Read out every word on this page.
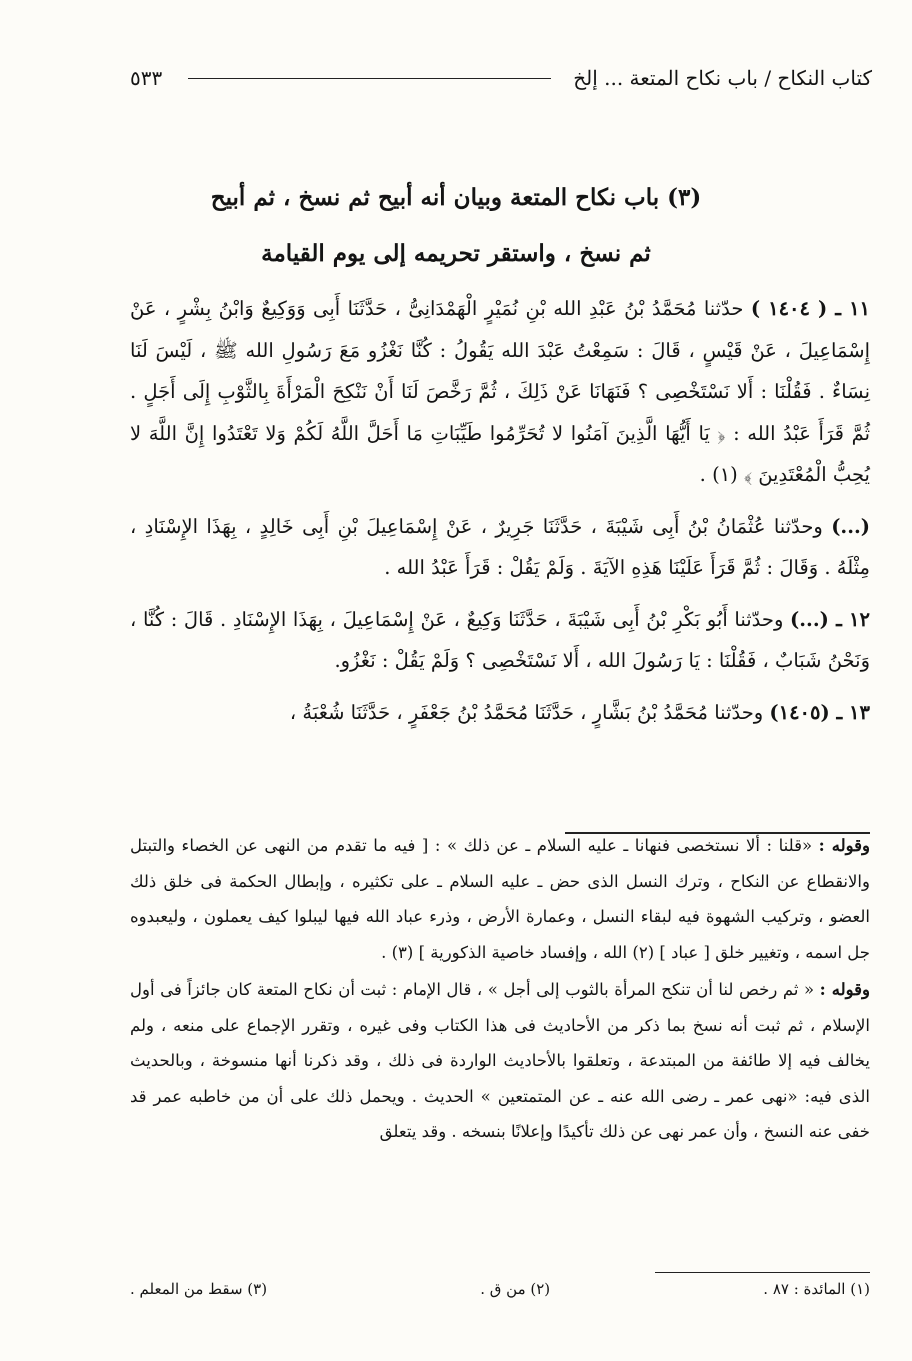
كتاب النكاح / باب نكاح المتعة ... إلخ
٥٣٣
(٣) باب نكاح المتعة وبيان أنه أبيح ثم نسخ ، ثم أبيح
ثم نسخ ، واستقر تحريمه إلى يوم القيامة

١١ ـ ( ١٤٠٤ ) حدّثنا مُحَمَّدُ بْنُ عَبْدِ الله بْنِ نُمَيْرٍ الْهَمْدَانِىُّ ، حَدَّثَنَا أَبِى وَوَكِيعٌ وَابْنُ بِشْرٍ ، عَنْ إِسْمَاعِيلَ ، عَنْ قَيْسٍ ، قَالَ : سَمِعْتُ عَبْدَ الله يَقُولُ : كُنَّا نَغْزُو مَعَ رَسُولِ الله ﷺ ، لَيْسَ لَنَا نِسَاءٌ . فَقُلْنَا : أَلا نَسْتَخْصِى ؟ فَنَهَانَا عَنْ ذَلِكَ ، ثُمَّ رَخَّصَ لَنَا أَنْ نَنْكِحَ الْمَرْأَةَ بِالثَّوْبِ إِلَى أَجَلٍ . ثُمَّ قَرَأَ عَبْدُ الله : ﴿ يَا أَيُّهَا الَّذِينَ آمَنُوا لا تُحَرِّمُوا طَيِّبَاتِ مَا أَحَلَّ اللَّهُ لَكُمْ وَلا تَعْتَدُوا إِنَّ اللَّهَ لا يُحِبُّ الْمُعْتَدِينَ ﴾ (١) .

(...) وحدّثنا عُثْمَانُ بْنُ أَبِى شَيْبَةَ ، حَدَّثَنَا جَرِيرٌ ، عَنْ إِسْمَاعِيلَ بْنِ أَبِى خَالِدٍ ، بِهَذَا الإِسْنَادِ ، مِثْلَهُ . وَقَالَ : ثُمَّ قَرَأَ عَلَيْنَا هَذِهِ الآيَةَ . وَلَمْ يَقُلْ : قَرَأَ عَبْدُ الله .

١٢ ـ (...) وحدّثنا أَبُو بَكْرِ بْنُ أَبِى شَيْبَةَ ، حَدَّثَنَا وَكِيعٌ ، عَنْ إِسْمَاعِيلَ ، بِهَذَا الإِسْنَادِ . قَالَ : كُنَّا ، وَنَحْنُ شَبَابٌ ، فَقُلْنَا : يَا رَسُولَ الله ، أَلا نَسْتَخْصِى ؟ وَلَمْ يَقُلْ : نَغْزُو.

١٣ ـ (١٤٠٥) وحدّثنا مُحَمَّدُ بْنُ بَشَّارٍ ، حَدَّثَنَا مُحَمَّدُ بْنُ جَعْفَرٍ ، حَدَّثَنَا شُعْبَةُ ،

وقوله : «قلنا : ألا نستخصى فنهانا ـ عليه السلام ـ عن ذلك » : [ فيه ما تقدم من النهى عن الخصاء والتبتل والانقطاع عن النكاح ، وترك النسل الذى حض ـ عليه السلام ـ على تكثيره ، وإبطال الحكمة فى خلق ذلك العضو ، وتركيب الشهوة فيه لبقاء النسل ، وعمارة الأرض ، وذرء عباد الله فيها ليبلوا كيف يعملون ، وليعبدوه جل اسمه ، وتغيير خلق [ عباد ] (٢) الله ، وإفساد خاصية الذكورية ] (٣) .

وقوله : « ثم رخص لنا أن تنكح المرأة بالثوب إلى أجل » ، قال الإمام : ثبت أن نكاح المتعة كان جائزاً فى أول الإسلام ، ثم ثبت أنه نسخ بما ذكر من الأحاديث فى هذا الكتاب وفى غيره ، وتقرر الإجماع على منعه ، ولم يخالف فيه إلا طائفة من المبتدعة ، وتعلقوا بالأحاديث الواردة فى ذلك ، وقد ذكرنا أنها منسوخة ، وبالحديث الذى فيه: «نهى عمر ـ رضى الله عنه ـ عن المتمتعين » الحديث . ويحمل ذلك على أن من خاطبه عمر قد خفى عنه النسخ ، وأن عمر نهى عن ذلك تأكيدًا وإعلانًا بنسخه . وقد يتعلق

(١) المائدة : ٨٧ .
(٢) من ق .
(٣) سقط من المعلم .
